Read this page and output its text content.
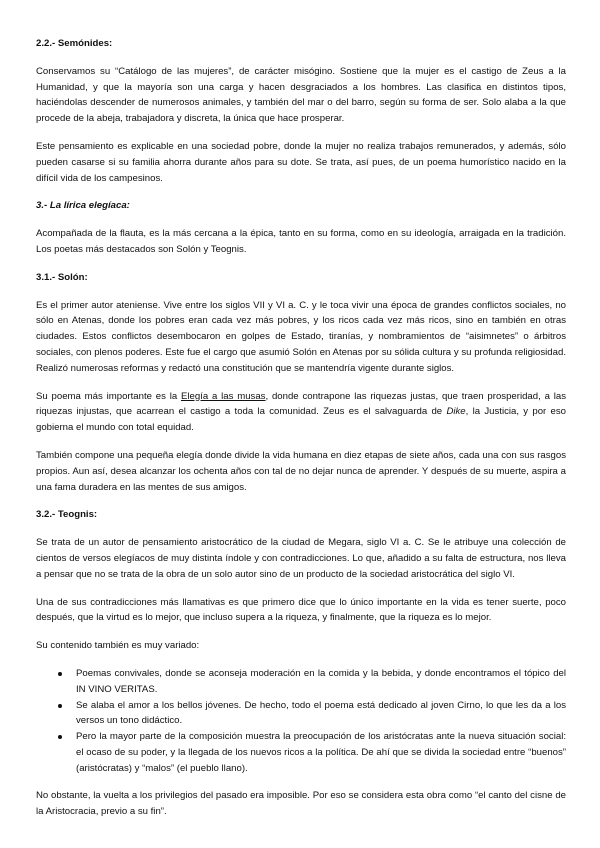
2.2.- Semónides:

Conservamos su “Catálogo de las mujeres”, de carácter misógino. Sostiene que la mujer es el castigo de Zeus a la Humanidad, y que la mayoría son una carga y hacen desgraciados a los hombres. Las clasifica en distintos tipos, haciéndolas descender de numerosos animales, y también del mar o del barro, según su forma de ser. Solo alaba a la que procede de la abeja, trabajadora y discreta, la única que hace prosperar.

Este pensamiento es explicable en una sociedad pobre, donde la mujer no realiza trabajos remunerados, y además, sólo pueden casarse si su familia ahorra durante años para su dote. Se trata, así pues, de un poema humorístico nacido en la difícil vida de los campesinos.

3.- La lírica elegíaca:

Acompañada de la flauta, es la más cercana a la épica, tanto en su forma, como en su ideología, arraigada en la tradición. Los poetas más destacados son Solón y Teognis.

3.1.- Solón:

Es el primer autor ateniense. Vive entre los siglos VII y VI a. C. y le toca vivir una época de grandes conflictos sociales, no sólo en Atenas, donde los pobres eran cada vez más pobres, y los ricos cada vez más ricos, sino en también en otras ciudades. Estos conflictos desembocaron en golpes de Estado, tiranías, y nombramientos de “aisimnetes” o árbitros sociales, con plenos poderes. Este fue el cargo que asumió Solón en Atenas por su sólida cultura y su profunda religiosidad. Realizó numerosas reformas y redactó una constitución que se mantendría vigente durante siglos.

Su poema más importante es la Elegía a las musas, donde contrapone las riquezas justas, que traen prosperidad, a las riquezas injustas, que acarrean el castigo a toda la comunidad. Zeus es el salvaguarda de Dike, la Justicia, y por eso gobierna el mundo con total equidad.

También compone una pequeña elegía donde divide la vida humana en diez etapas de siete años, cada una con sus rasgos propios. Aun así, desea alcanzar los ochenta años con tal de no dejar nunca de aprender. Y después de su muerte, aspira a una fama duradera en las mentes de sus amigos.

3.2.- Teognis:

Se trata de un autor de pensamiento aristocrático de la ciudad de Megara, siglo VI a. C. Se le atribuye una colección de cientos de versos elegíacos de muy distinta índole y con contradicciones. Lo que, añadido a su falta de estructura, nos lleva a pensar que no se trata de la obra de un solo autor sino de un producto de la sociedad aristocrática del siglo VI.

Una de sus contradicciones más llamativas es que primero dice que lo único importante en la vida es tener suerte, poco después, que la virtud es lo mejor, que incluso supera a la riqueza, y finalmente, que la riqueza es lo mejor.

Su contenido también es muy variado:

Poemas convivales, donde se aconseja moderación en la comida y la bebida, y donde encontramos el tópico del IN VINO VERITAS.
Se alaba el amor a los bellos jóvenes. De hecho, todo el poema está dedicado al joven Cirno, lo que les da a los versos un tono didáctico.
Pero la mayor parte de la composición muestra la preocupación de los aristócratas ante la nueva situación social: el ocaso de su poder, y la llegada de los nuevos ricos a la política. De ahí que se divida la sociedad entre “buenos” (aristócratas) y “malos” (el pueblo llano).

No obstante, la vuelta a los privilegios del pasado era imposible. Por eso se considera esta obra como “el canto del cisne de la Aristocracia, previo a su fin”.
